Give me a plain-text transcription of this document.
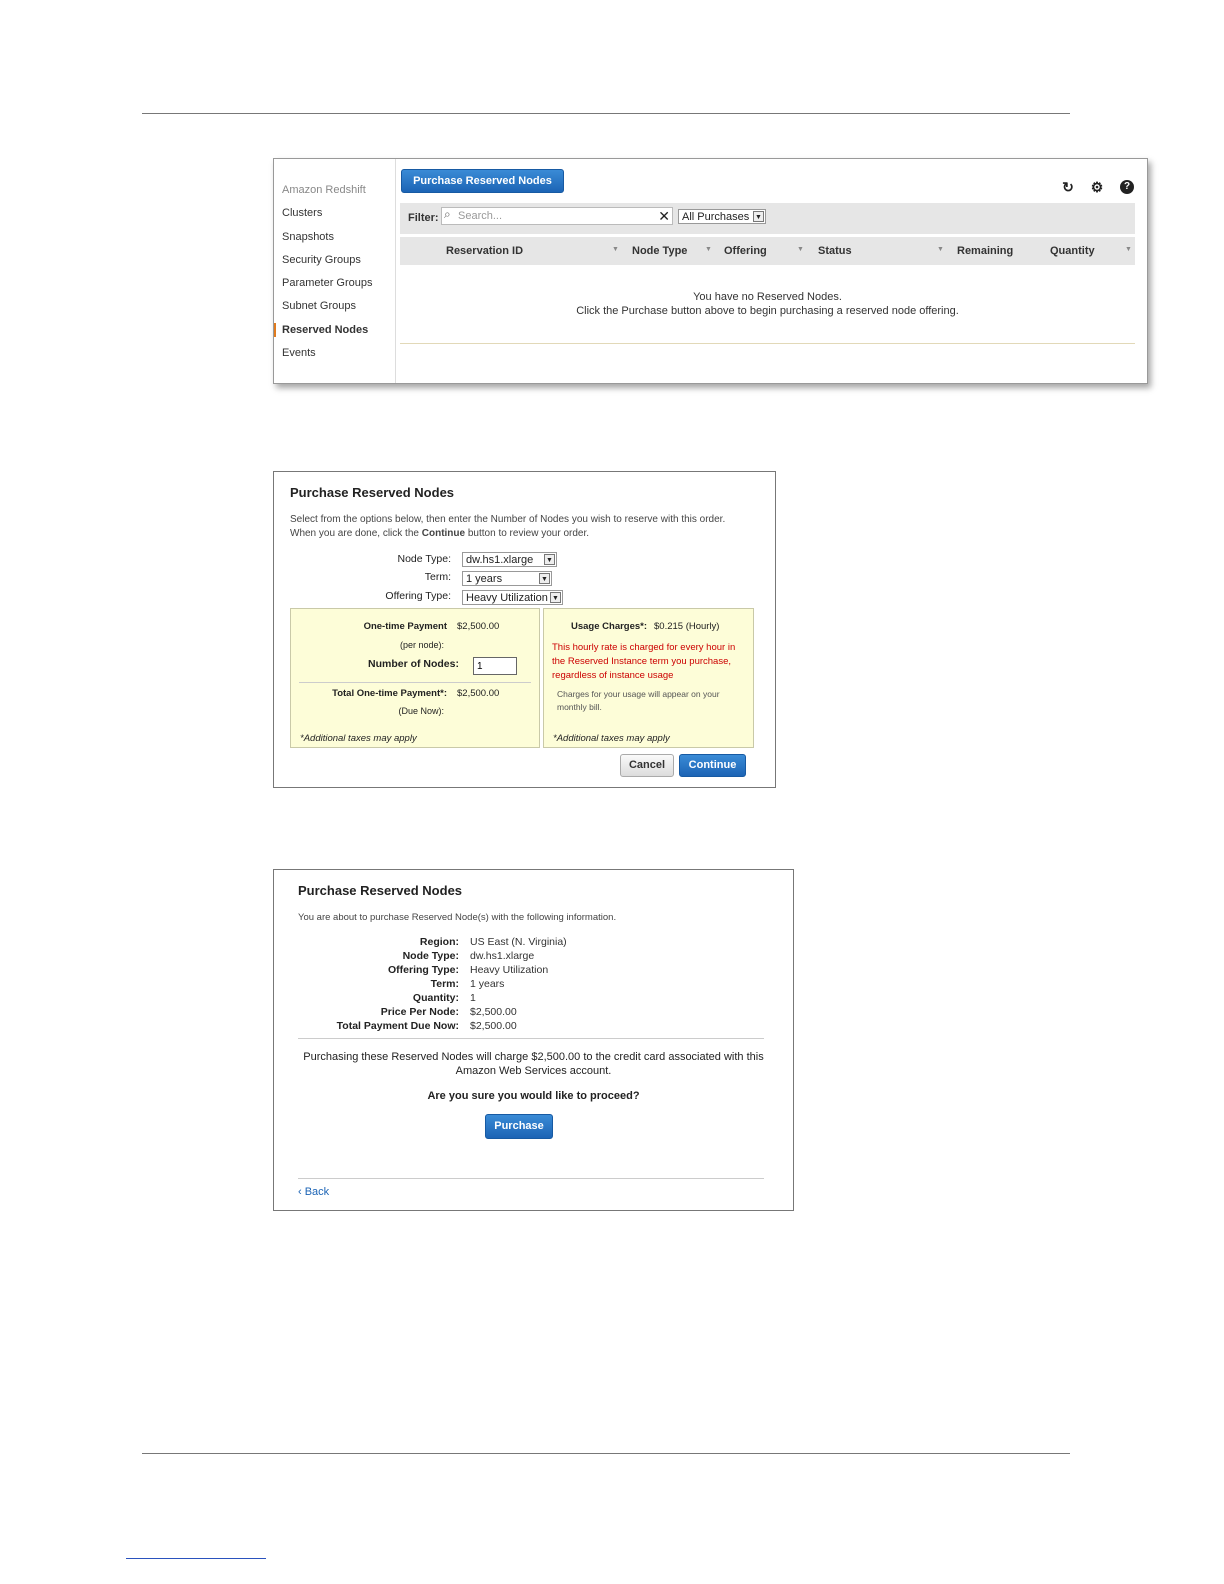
Amazon Redshift
Clusters
Snapshots
Security Groups
Parameter Groups
Subnet Groups
Reserved Nodes
Events
Purchase Reserved Nodes	↻ ⚙	?
Filter: ⌕
Search...	✕	All Purchases ▼
Reservation ID	▼ Node Type	▼ Offering	▼ Status	▼ Remaining	Quantity	▼
You have no Reserved Nodes.
Click the Purchase button above to begin purchasing a reserved node offering.
Purchase Reserved Nodes
Select from the options below, then enter the Number of Nodes you wish to reserve with this order.
When you are done, click the Continue button to review your order.
Node Type:	dw.hs1.xlarge ▼
Term:	1 years	▼
Offering Type:	Heavy Utilization ▼
One-time Payment $2,500.00
(per node):
Number of Nodes:
1
Total One-time Payment*: $2,500.00
(Due Now):
*Additional taxes may apply
Usage Charges*: $0.215 (Hourly)
This hourly rate is charged for every hour in
the Reserved Instance term you purchase,
regardless of instance usage
Charges for your usage will appear on your
monthly bill.
*Additional taxes may apply
Cancel	Continue
Purchase Reserved Nodes
You are about to purchase Reserved Node(s) with the following information.
Region: US East (N. Virginia)
Node Type: dw.hs1.xlarge
Offering Type: Heavy Utilization
Term: 1 years
Quantity: 1
Price Per Node: $2,500.00
Total Payment Due Now: $2,500.00
Purchasing these Reserved Nodes will charge $2,500.00 to the credit card associated with this
Amazon Web Services account.
Are you sure you would like to proceed?
Purchase
‹ Back
